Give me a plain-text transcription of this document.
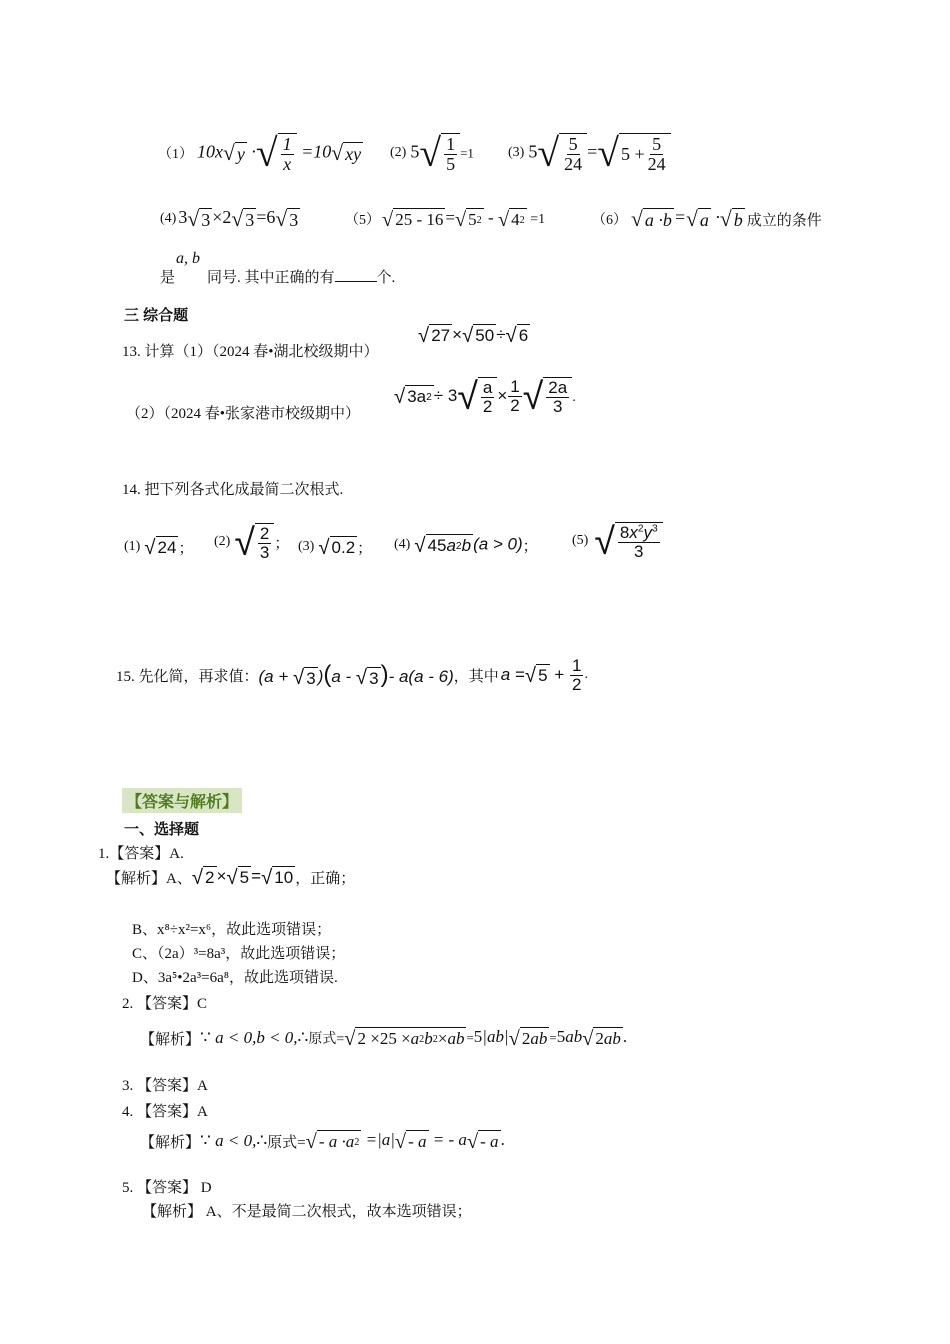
（1） 10x √ y · √ $\frac{1}{x} =10$ √ xy (2) 5 √ $\frac{1}{5} =1$ (3) 5 √ $\frac{5}{24}$ = √ $5 + \frac{5}{24}$
(4) 3 √ 3 ×2 √ 3 =6 √ 3	（5） √ 25 - 16 = √ 5 2 - √ 4 2 =1	（6） √ a ·b = √ a · √ b 成立的条件
是
a, b
同号. 其中正确的有	个.
三 综合题
13. 计算（1）（2024 春•湖北校级期中）
√ 27 × √ 50 ÷ √ 6
（2）（2024 春•张家港市校级期中）
√ 3a 2 ÷ 3 √ $\frac{a}{2} \times \frac{1}{2}$ √ $\frac{2a}{3}$ .
14. 把下列各式化成最简二次根式.
(1) √ 24 ； (2) √ $\frac{2}{3}$ ； (3) √ 0.2 ； (4) √ 45 a 2 b (a > 0) ； (5) √ $\frac{8x^2y^3}{3}$
15. 先化简，再求值： (a + √ 3 )(a - √ 3 )- a(a - 6) ，其中 a = √ $5 + \frac{1}{2}$ .
【答案与解析】
一、选择题
1.【答案】A.
【解析】A、 √ 2 × √ 5 = √ 10 ，正确；
B、x⁸÷x²=x⁶，故此选项错误；
C、（2a）³=8a³，故此选项错误；
D、3a⁵•2a³=6a⁸，故此选项错误.
2. 【答案】C
【解析】 ∵ a < 0,b < 0,∴ 原式= √ 2 ×25 × a 2 b 2 × ab =5|ab| √ 2 ab =5ab √ 2 ab .
3. 【答案】A
4. 【答案】A
【解析】 ∵ a < 0,∴ 原式= √ - a ·a 2 =|a| √ - a = - a √ - a .
5. 【答案】 D
【解析】 A、不是最简二次根式，故本选项错误；
